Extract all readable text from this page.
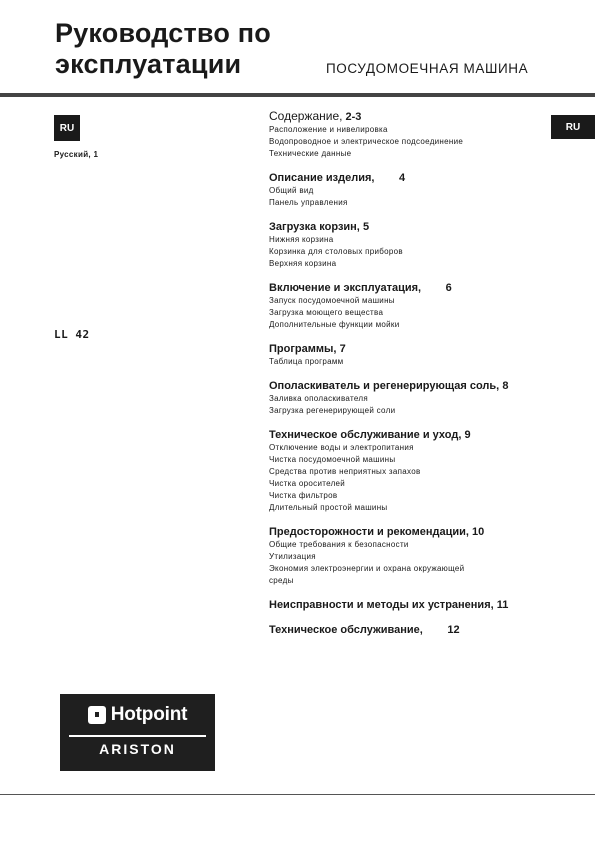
Руководство по
эксплуатации	ПОСУДОМОЕЧНАЯ МАШИНА
RU
Русский, 1
LL 42
RU
Содержание, 2-3
Расположение и нивелировка
Водопроводное и электрическое подсоединение
Технические данные
Описание изделия, 4
Общий вид
Панель управления
Загрузка корзин, 5
Нижняя корзина
Корзинка для столовых приборов
Верхняя корзина
Включение и эксплуатация, 6
Запуск посудомоечной машины
Загрузка моющего вещества
Дополнительные функции мойки
Программы, 7
Таблица программ
Ополаскиватель и регенерирующая соль, 8
Заливка ополаскивателя
Загрузка регенерирующей соли
Техническое обслуживание и уход, 9
Отключение воды и электропитания
Чистка посудомоечной машины
Средства против неприятных запахов
Чистка оросителей
Чистка фильтров
Длительный простой машины
Предосторожности и рекомендации, 10
Общие требования к безопасности
Утилизация
Экономия электроэнергии и охрана окружающей
среды
Неисправности и методы их устранения, 11
Техническое обслуживание, 12
Hotpoint
ARISTON
